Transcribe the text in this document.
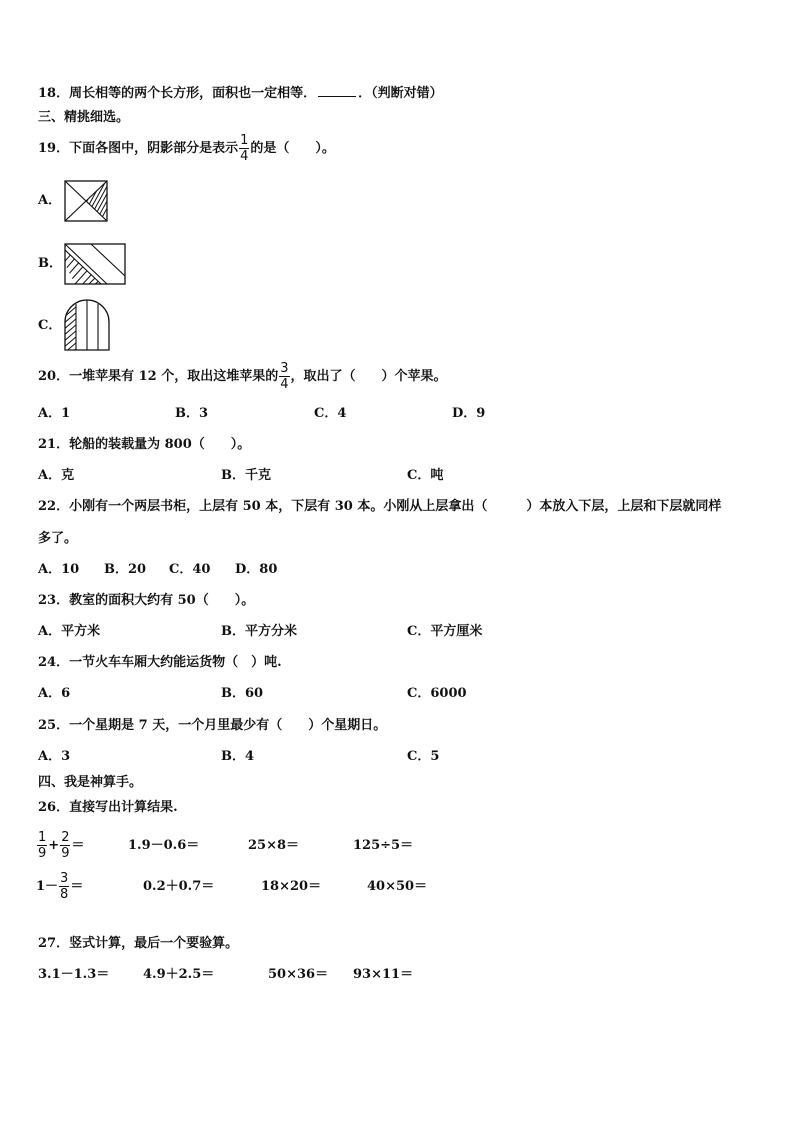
18．周长相等的两个长方形，面积也一定相等．	．（判断对错）
三、精挑细选。
19．下面各图中，阴影部分是表示 $\frac{1}{4}$ 的是（　　）。
A．
B．
C．
20．一堆苹果有 12 个，取出这堆苹果的 $\frac{3}{4}$ ，取出了（　　）个苹果。
A．1	B．3	C．4	D．9
21．轮船的装载量为 800（　　）。
A．克	B．千克	C．吨
22．小刚有一个两层书柜，上层有 50 本，下层有 30 本。小刚从上层拿出（　　　）本放入下层，上层和下层就同样
多了。
A．10 B．20 C．40 D．80
23．教室的面积大约有 50（　　）。
A．平方米	B．平方分米	C．平方厘米
24．一节火车车厢大约能运货物（　）吨.
A．6	B．60	C．6000
25．一个星期是 7 天，一个月里最少有（　　）个星期日。
A．3	B．4	C．5
四、我是神算手。
26．直接写出计算结果.
$\frac{1}{9} + \frac{2}{9}$ ＝	1.9－0.6＝	25×8＝	125÷5＝
$1- \frac{3}{8}$ ＝	0.2＋0.7＝	18×20＝	40×50＝
27．竖式计算，最后一个要验算。
3.1－1.3＝	4.9＋2.5＝	50×36＝ 93×11＝
